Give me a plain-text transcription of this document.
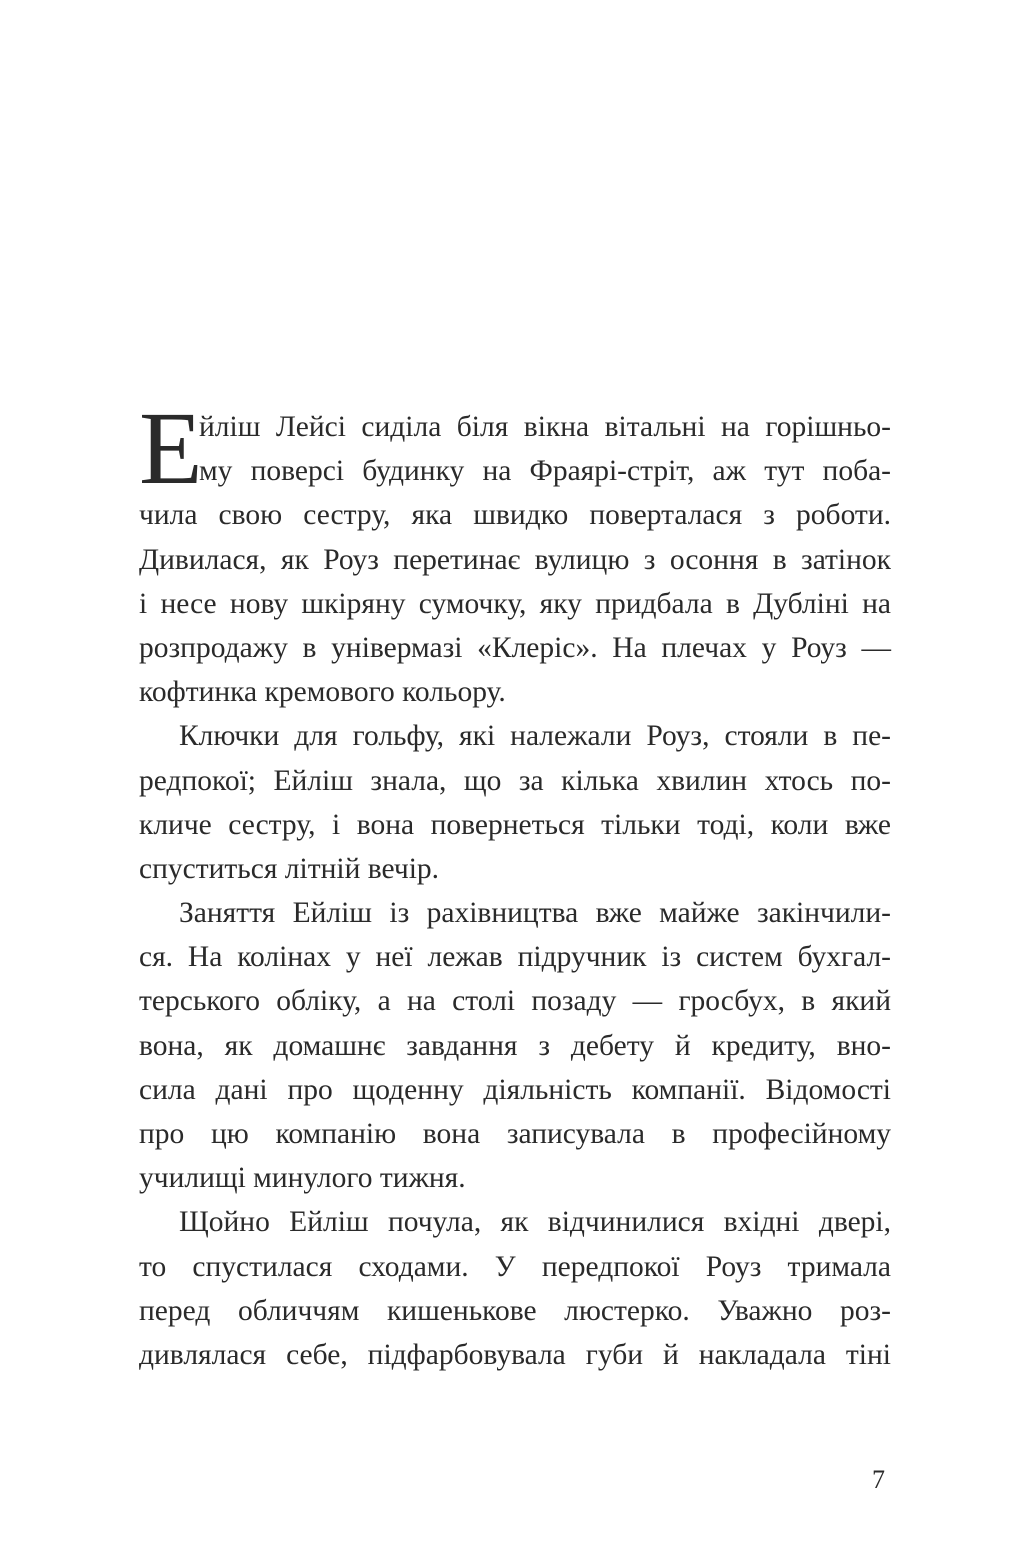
Е
йліш Лейсі сиділа біля вікна вітальні на горішньо-
му поверсі будинку на Фраярі-стріт, аж тут поба-
чила свою сестру, яка швидко поверталася з роботи.
Дивилася, як Роуз перетинає вулицю з осоння в затінок
і несе нову шкіряну сумочку, яку придбала в Дубліні на
розпродажу в універмазі «Клеріс». На плечах у Роуз —
кофтинка кремового кольору.
Ключки для гольфу, які належали Роуз, стояли в пе-
редпокої; Ейліш знала, що за кілька хвилин хтось по-
кличе сестру, і вона повернеться тільки тоді, коли вже
спуститься літній вечір.
Заняття Ейліш із рахівництва вже майже закінчили-
ся. На колінах у неї лежав підручник із систем бухгал-
терського обліку, а на столі позаду — гросбух, в який
вона, як домашнє завдання з дебету й кредиту, вно-
сила дані про щоденну діяльність компанії. Відомості
про цю компанію вона записувала в професійному
училищі минулого тижня.
Щойно Ейліш почула, як відчинилися вхідні двері,
то спустилася сходами. У передпокої Роуз тримала
перед обличчям кишенькове люстерко. Уважно роз-
дивлялася себе, підфарбовувала губи й накладала тіні
7
